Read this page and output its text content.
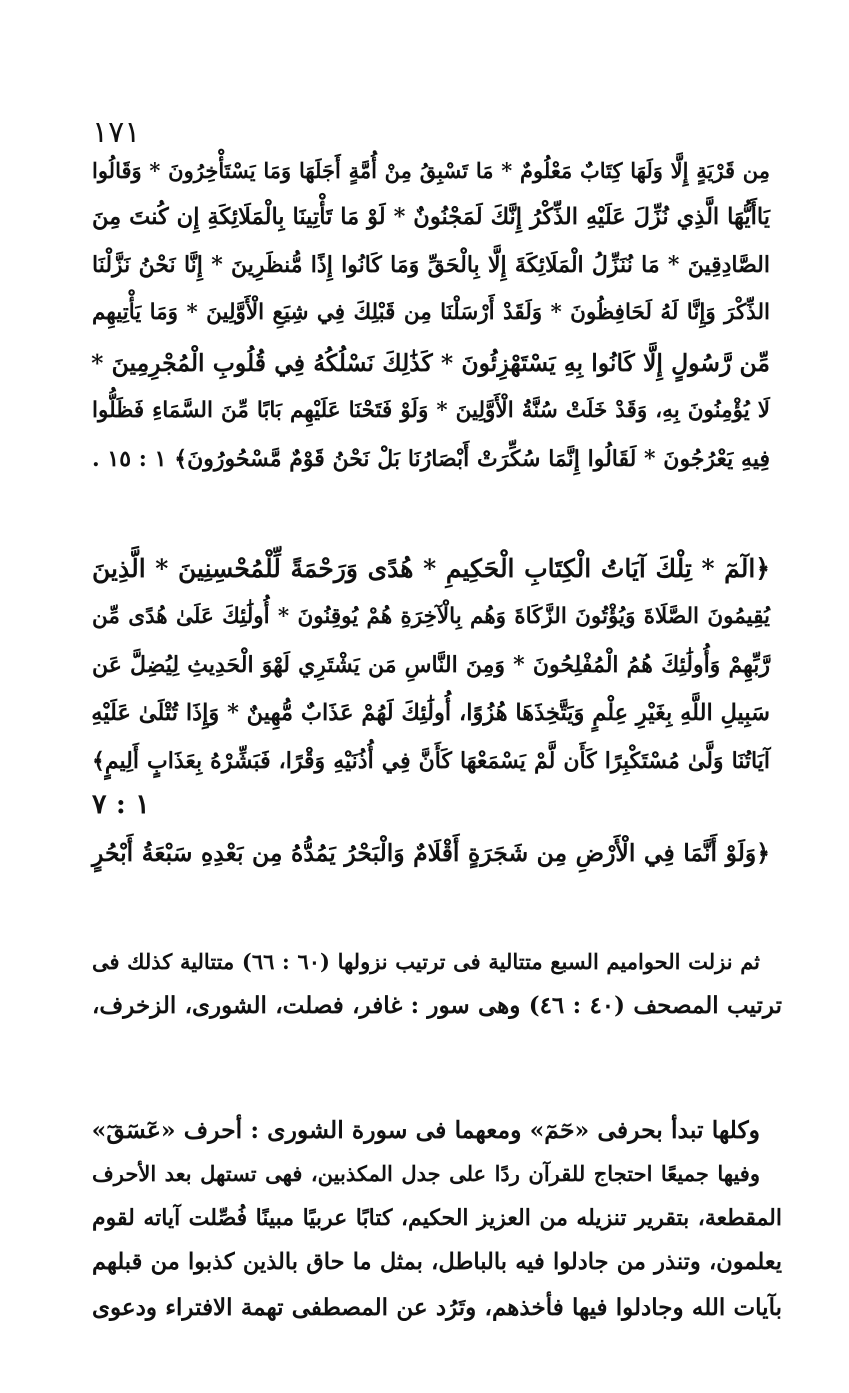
١٧١
مِن قَرْيَةٍ إِلَّا وَلَهَا كِتَابٌ مَعْلُومٌ * مَا تَسْبِقُ مِنْ أُمَّةٍ أَجَلَهَا وَمَا يَسْتَأْخِرُونَ * وَقَالُوا
يَاأَيُّهَا الَّذِي نُزِّلَ عَلَيْهِ الذِّكْرُ إِنَّكَ لَمَجْنُونٌ * لَوْ مَا تَأْتِينَا بِالْمَلَائِكَةِ إِن كُنتَ مِنَ
الصَّادِقِينَ * مَا نُنَزِّلُ الْمَلَائِكَةَ إِلَّا بِالْحَقِّ وَمَا كَانُوا إِذًا مُّنظَرِينَ * إِنَّا نَحْنُ نَزَّلْنَا
الذِّكْرَ وَإِنَّا لَهُ لَحَافِظُونَ * وَلَقَدْ أَرْسَلْنَا مِن قَبْلِكَ فِي شِيَعِ الْأَوَّلِينَ * وَمَا يَأْتِيهِم
مِّن رَّسُولٍ إِلَّا كَانُوا بِهِ يَسْتَهْزِئُونَ * كَذَٰلِكَ نَسْلُكُهُ فِي قُلُوبِ الْمُجْرِمِينَ *
لَا يُؤْمِنُونَ بِهِ، وَقَدْ خَلَتْ سُنَّةُ الْأَوَّلِينَ * وَلَوْ فَتَحْنَا عَلَيْهِم بَابًا مِّنَ السَّمَاءِ فَظَلُّوا
فِيهِ يَعْرُجُونَ * لَقَالُوا إِنَّمَا سُكِّرَتْ أَبْصَارُنَا بَلْ نَحْنُ قَوْمٌ مَّسْحُورُونَ﴾ ١ : ١٥ .
﴿الٓمٓ * تِلْكَ آيَاتُ الْكِتَابِ الْحَكِيمِ * هُدًى وَرَحْمَةً لِّلْمُحْسِنِينَ * الَّذِينَ
يُقِيمُونَ الصَّلَاةَ وَيُؤْتُونَ الزَّكَاةَ وَهُم بِالْآخِرَةِ هُمْ يُوقِنُونَ * أُولَٰئِكَ عَلَىٰ هُدًى مِّن
رَّبِّهِمْ وَأُولَٰئِكَ هُمُ الْمُفْلِحُونَ * وَمِنَ النَّاسِ مَن يَشْتَرِي لَهْوَ الْحَدِيثِ لِيُضِلَّ عَن
سَبِيلِ اللَّهِ بِغَيْرِ عِلْمٍ وَيَتَّخِذَهَا هُزُوًا، أُولَٰئِكَ لَهُمْ عَذَابٌ مُّهِينٌ * وَإِذَا تُتْلَىٰ عَلَيْهِ
آيَاتُنَا وَلَّىٰ مُسْتَكْبِرًا كَأَن لَّمْ يَسْمَعْهَا كَأَنَّ فِي أُذُنَيْهِ وَقْرًا، فَبَشِّرْهُ بِعَذَابٍ أَلِيمٍ﴾
١ : ٧
﴿وَلَوْ أَنَّمَا فِي الْأَرْضِ مِن شَجَرَةٍ أَقْلَامٌ وَالْبَحْرُ يَمُدُّهُ مِن بَعْدِهِ سَبْعَةُ أَبْحُرٍ
ثم نزلت الحواميم السبع متتالية فى ترتيب نزولها (٦٠ : ٦٦) متتالية كذلك فى
ترتيب المصحف (٤٠ : ٤٦) وهى سور : غافر، فصلت، الشورى، الزخرف،
وكلها تبدأ بحرفى «حٓمٓ» ومعهما فى سورة الشورى : أحرف «عٓسٓقٓ»
وفيها جميعًا احتجاج للقرآن ردًا على جدل المكذبين، فهى تستهل بعد الأحرف
المقطعة، بتقرير تنزيله من العزيز الحكيم، كتابًا عربيًا مبينًا فُصِّلت آياته لقوم
يعلمون، وتنذر من جادلوا فيه بالباطل، بمثل ما حاق بالذين كذبوا من قبلهم
بآيات الله وجادلوا فيها فأخذهم، وتَرُد عن المصطفى تهمة الافتراء ودعوى
